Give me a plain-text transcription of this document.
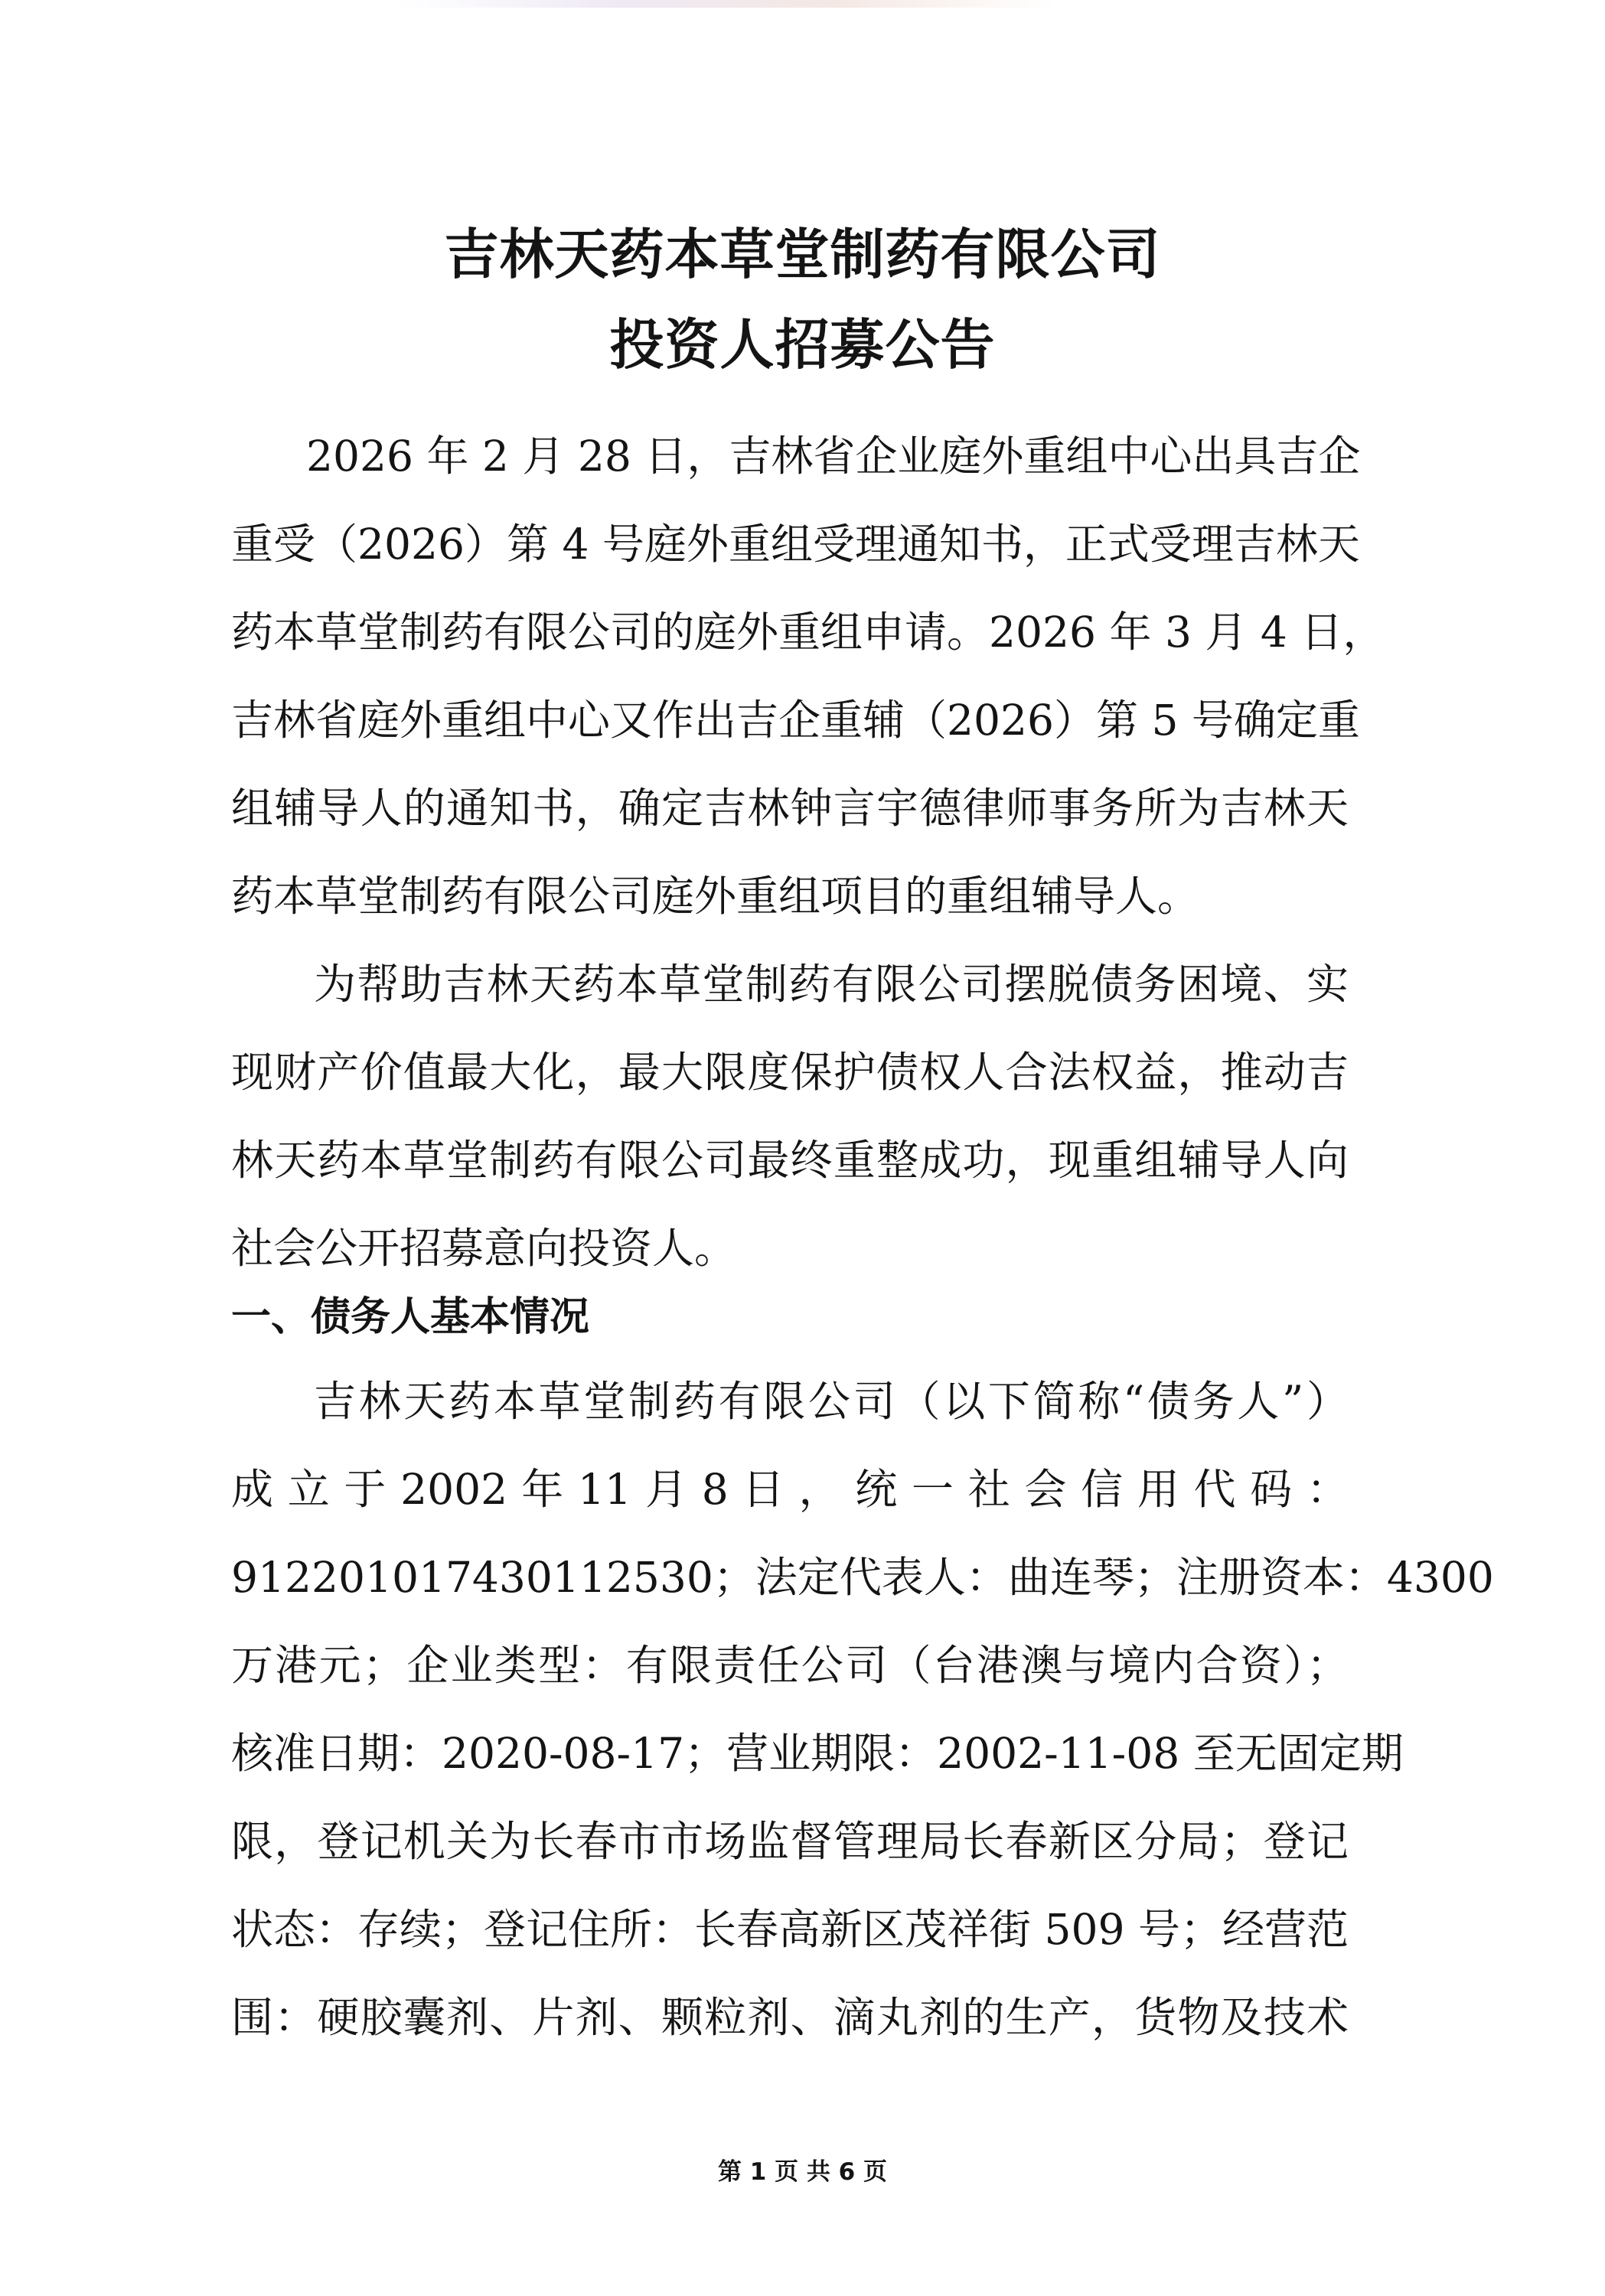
吉林天药本草堂制药有限公司
投资人招募公告
2026 年 2 月 28 日，吉林省企业庭外重组中心出具吉企
重受（2026）第 4 号庭外重组受理通知书，正式受理吉林天
药本草堂制药有限公司的庭外重组申请。2026 年 3 月 4 日，
吉林省庭外重组中心又作出吉企重辅（2026）第 5 号确定重
组辅导人的通知书，确定吉林钟言宇德律师事务所为吉林天
药本草堂制药有限公司庭外重组项目的重组辅导人。
为帮助吉林天药本草堂制药有限公司摆脱债务困境、实
现财产价值最大化，最大限度保护债权人合法权益，推动吉
林天药本草堂制药有限公司最终重整成功，现重组辅导人向
社会公开招募意向投资人。
一、债务人基本情况
吉林天药本草堂制药有限公司（以下简称“债务人”）
成 立 于 2002 年 11 月 8 日 ， 统 一 社 会 信 用 代 码 ：
912201017430112530；法定代表人：曲连琴；注册资本：4300
万港元；企业类型：有限责任公司（台港澳与境内合资）；
核准日期：2020-08-17；营业期限：2002-11-08 至无固定期
限，登记机关为长春市市场监督管理局长春新区分局；登记
状态：存续；登记住所：长春高新区茂祥街 509 号；经营范
围：硬胶囊剂、片剂、颗粒剂、滴丸剂的生产，货物及技术
第 1 页 共 6 页
